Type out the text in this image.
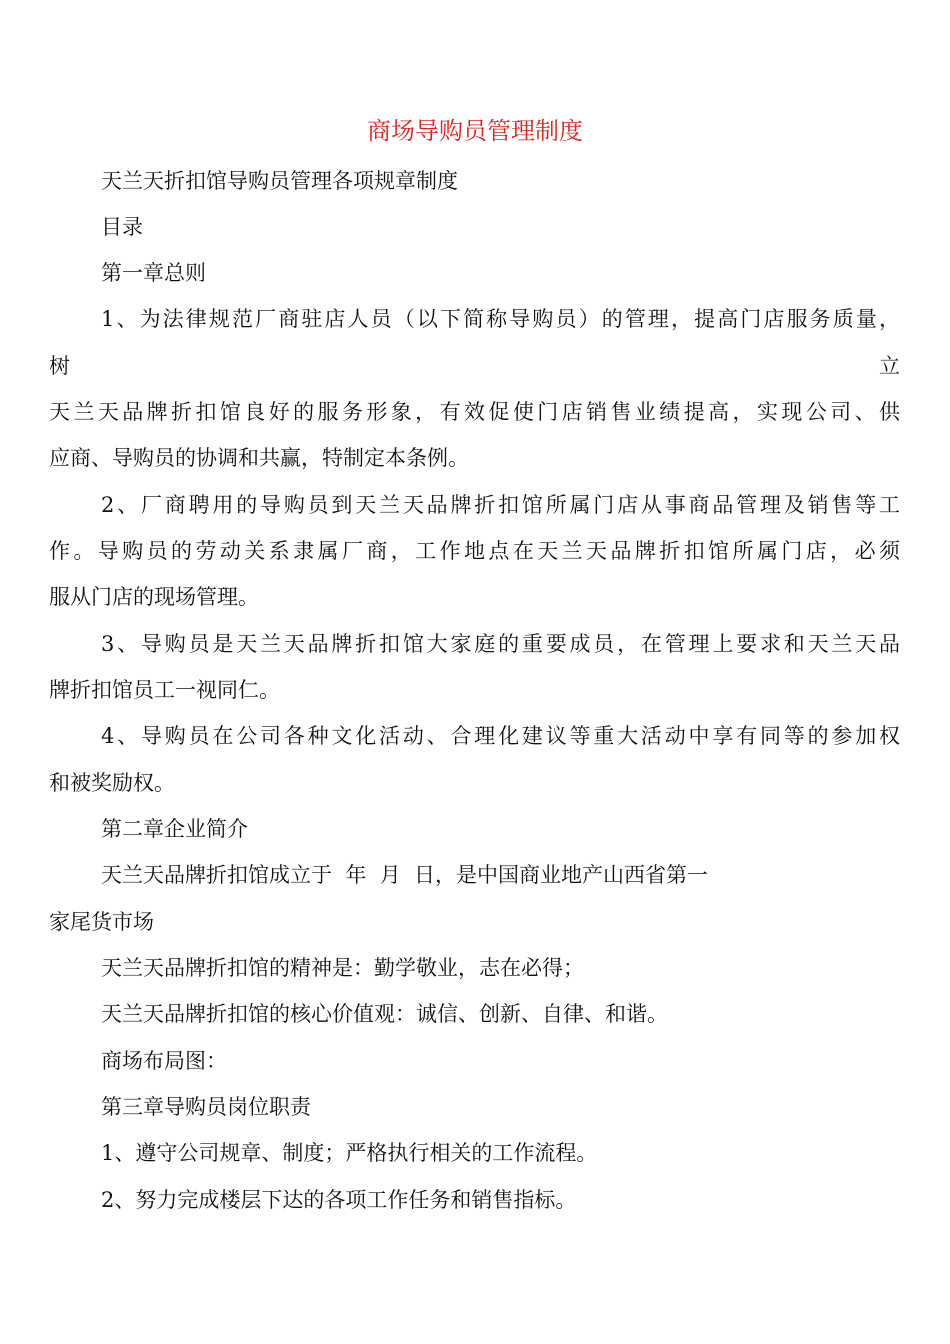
商场导购员管理制度
天兰天折扣馆导购员管理各项规章制度
目录
第一章总则
1、为法律规范厂商驻店人员（以下简称导购员）的管理，提高门店服务质量，
树	立
天兰天品牌折扣馆良好的服务形象，有效促使门店销售业绩提高，实现公司、供
应商、导购员的协调和共赢，特制定本条例。
2、厂商聘用的导购员到天兰天品牌折扣馆所属门店从事商品管理及销售等工
作。导购员的劳动关系隶属厂商，工作地点在天兰天品牌折扣馆所属门店，必须
服从门店的现场管理。
3、导购员是天兰天品牌折扣馆大家庭的重要成员，在管理上要求和天兰天品
牌折扣馆员工一视同仁。
4、导购员在公司各种文化活动、合理化建议等重大活动中享有同等的参加权
和被奖励权。
第二章企业简介
天兰天品牌折扣馆成立于  年  月  日，是中国商业地产山西省第一
家尾货市场
天兰天品牌折扣馆的精神是：勤学敬业，志在必得；
天兰天品牌折扣馆的核心价值观：诚信、创新、自律、和谐。
商场布局图：
第三章导购员岗位职责
1、遵守公司规章、制度；严格执行相关的工作流程。
2、努力完成楼层下达的各项工作任务和销售指标。
